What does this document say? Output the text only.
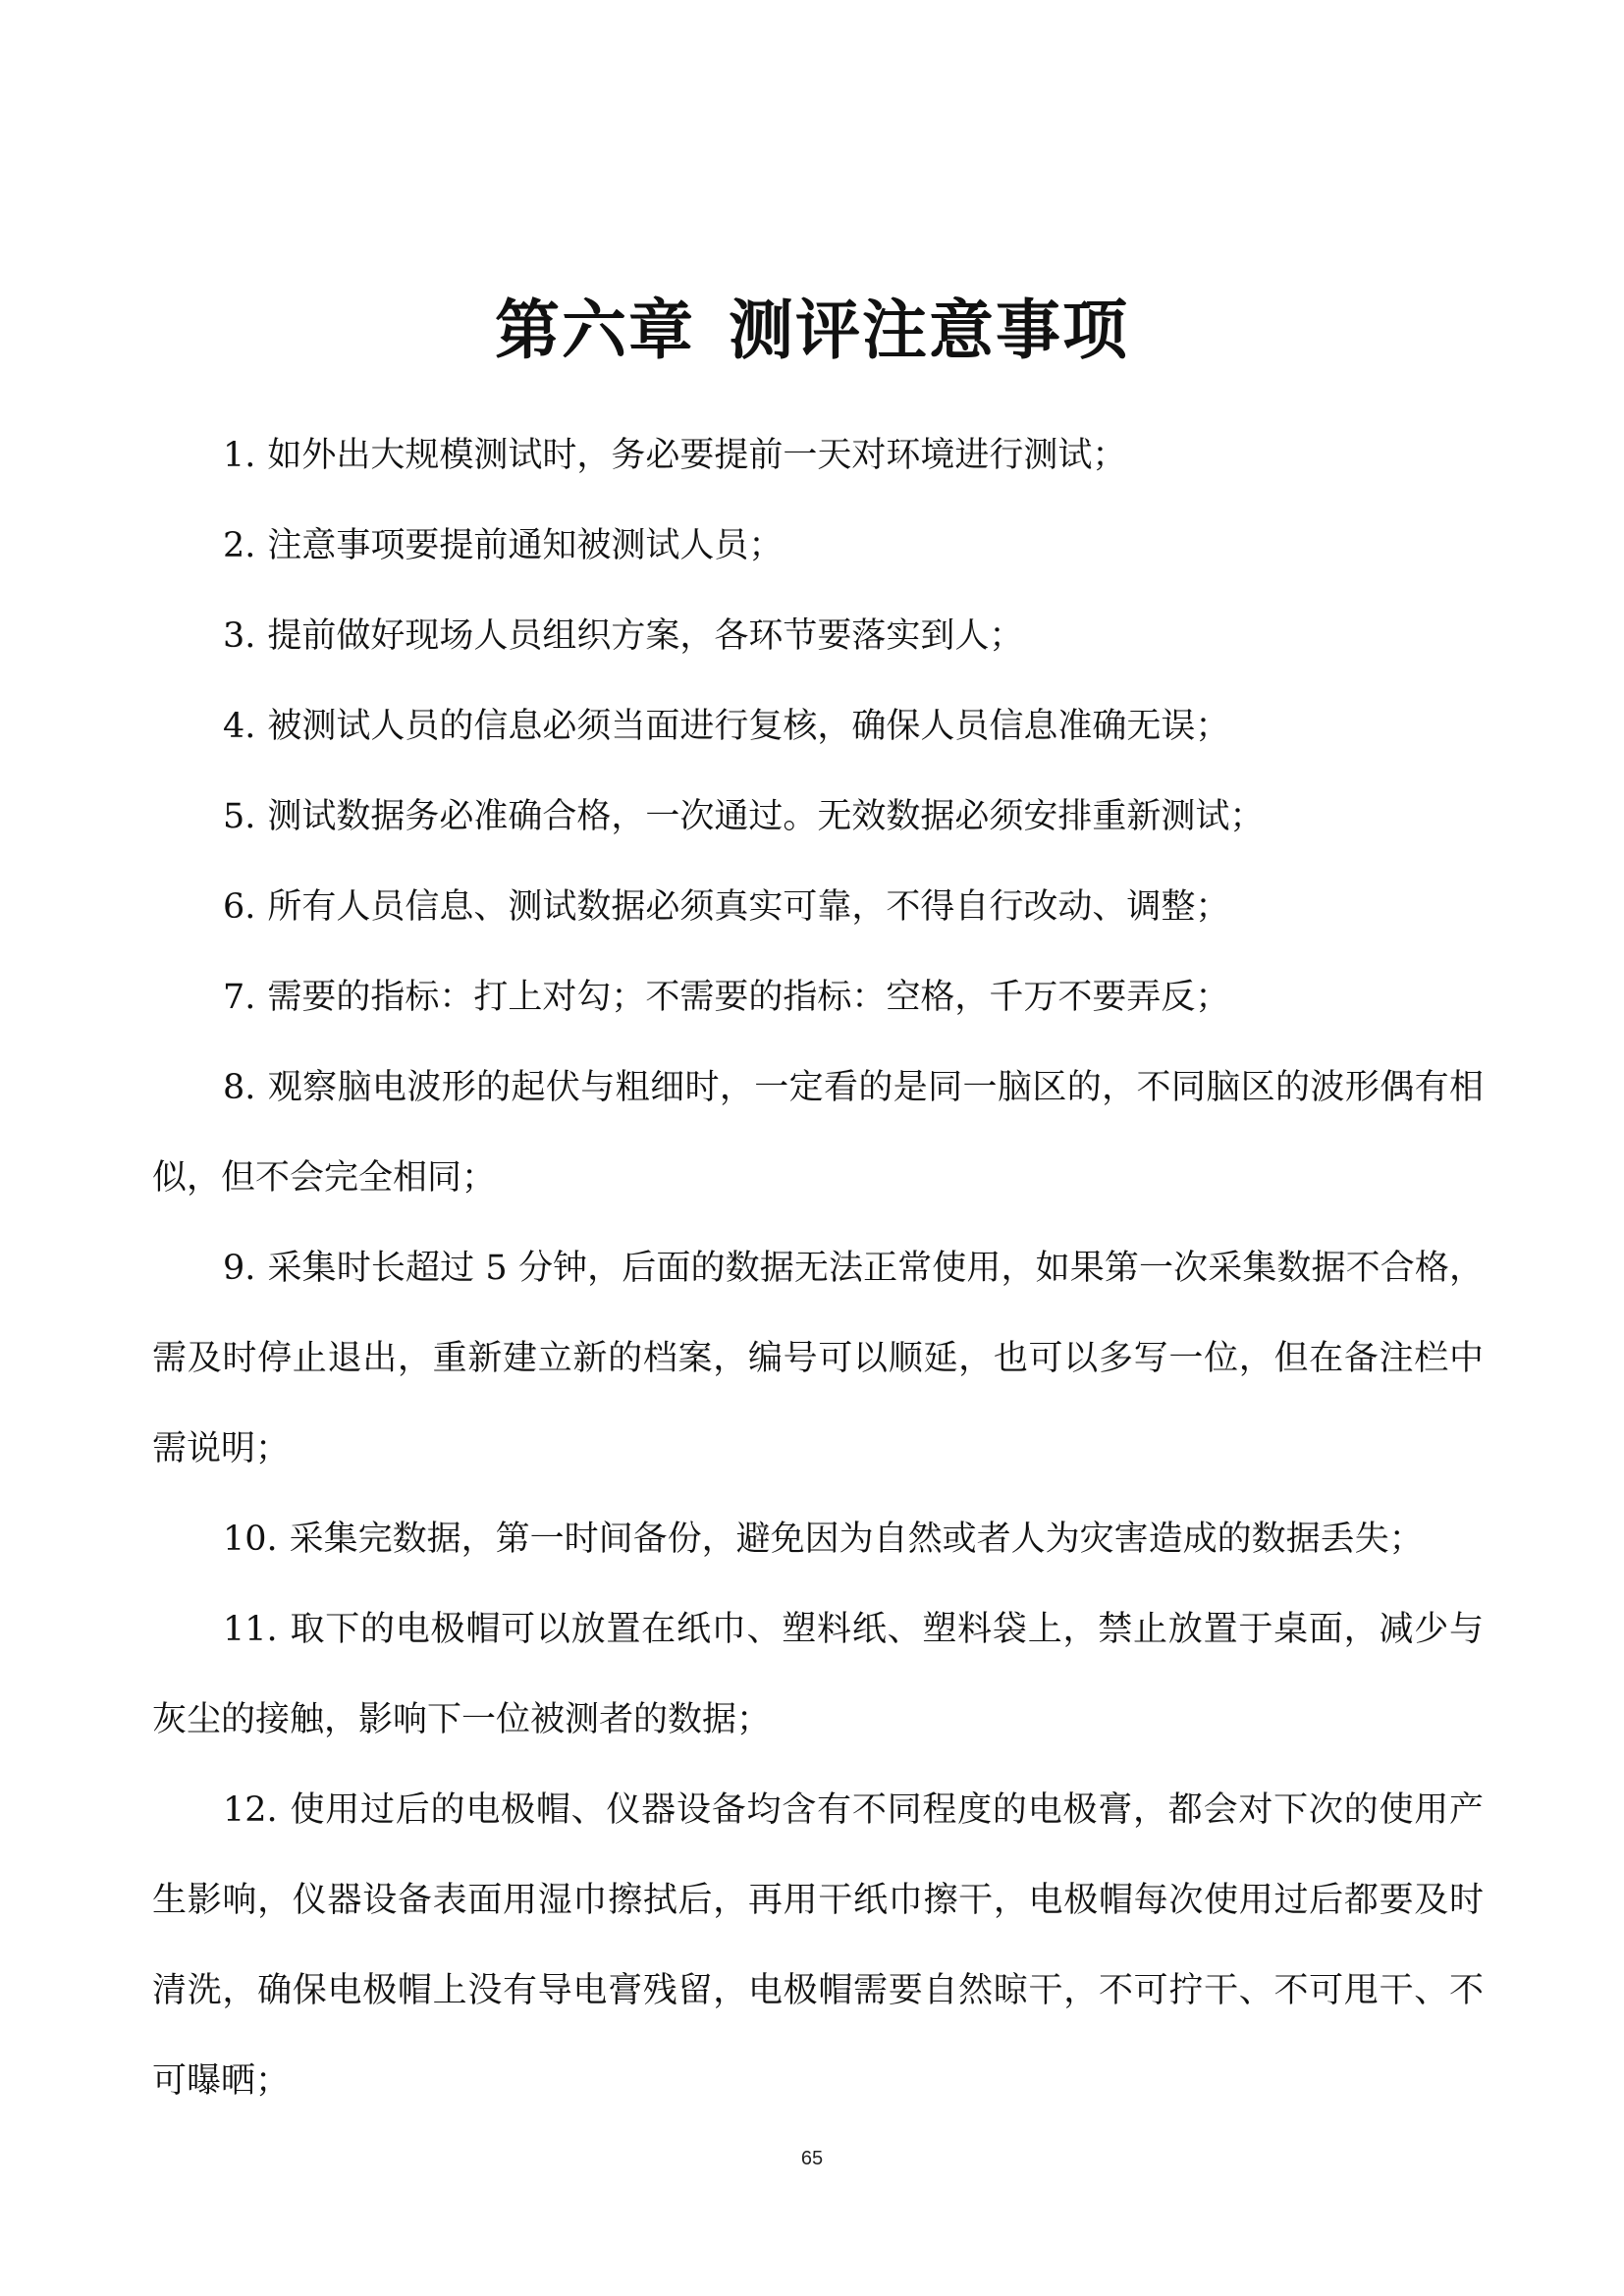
第六章 测评注意事项

1. 如外出大规模测试时，务必要提前一天对环境进行测试；

2. 注意事项要提前通知被测试人员；

3. 提前做好现场人员组织方案，各环节要落实到人；

4. 被测试人员的信息必须当面进行复核，确保人员信息准确无误；

5. 测试数据务必准确合格，一次通过。无效数据必须安排重新测试；

6. 所有人员信息、测试数据必须真实可靠，不得自行改动、调整；

7. 需要的指标：打上对勾；不需要的指标：空格，千万不要弄反；

8. 观察脑电波形的起伏与粗细时，一定看的是同一脑区的，不同脑区的波形偶有相似，但不会完全相同；

9. 采集时长超过 5 分钟，后面的数据无法正常使用，如果第一次采集数据不合格，需及时停止退出，重新建立新的档案，编号可以顺延，也可以多写一位，但在备注栏中需说明；

10. 采集完数据，第一时间备份，避免因为自然或者人为灾害造成的数据丢失；

11. 取下的电极帽可以放置在纸巾、塑料纸、塑料袋上，禁止放置于桌面，减少与灰尘的接触，影响下一位被测者的数据；

12. 使用过后的电极帽、仪器设备均含有不同程度的电极膏，都会对下次的使用产生影响，仪器设备表面用湿巾擦拭后，再用干纸巾擦干，电极帽每次使用过后都要及时清洗，确保电极帽上没有导电膏残留，电极帽需要自然晾干，不可拧干、不可甩干、不可曝晒；

65
